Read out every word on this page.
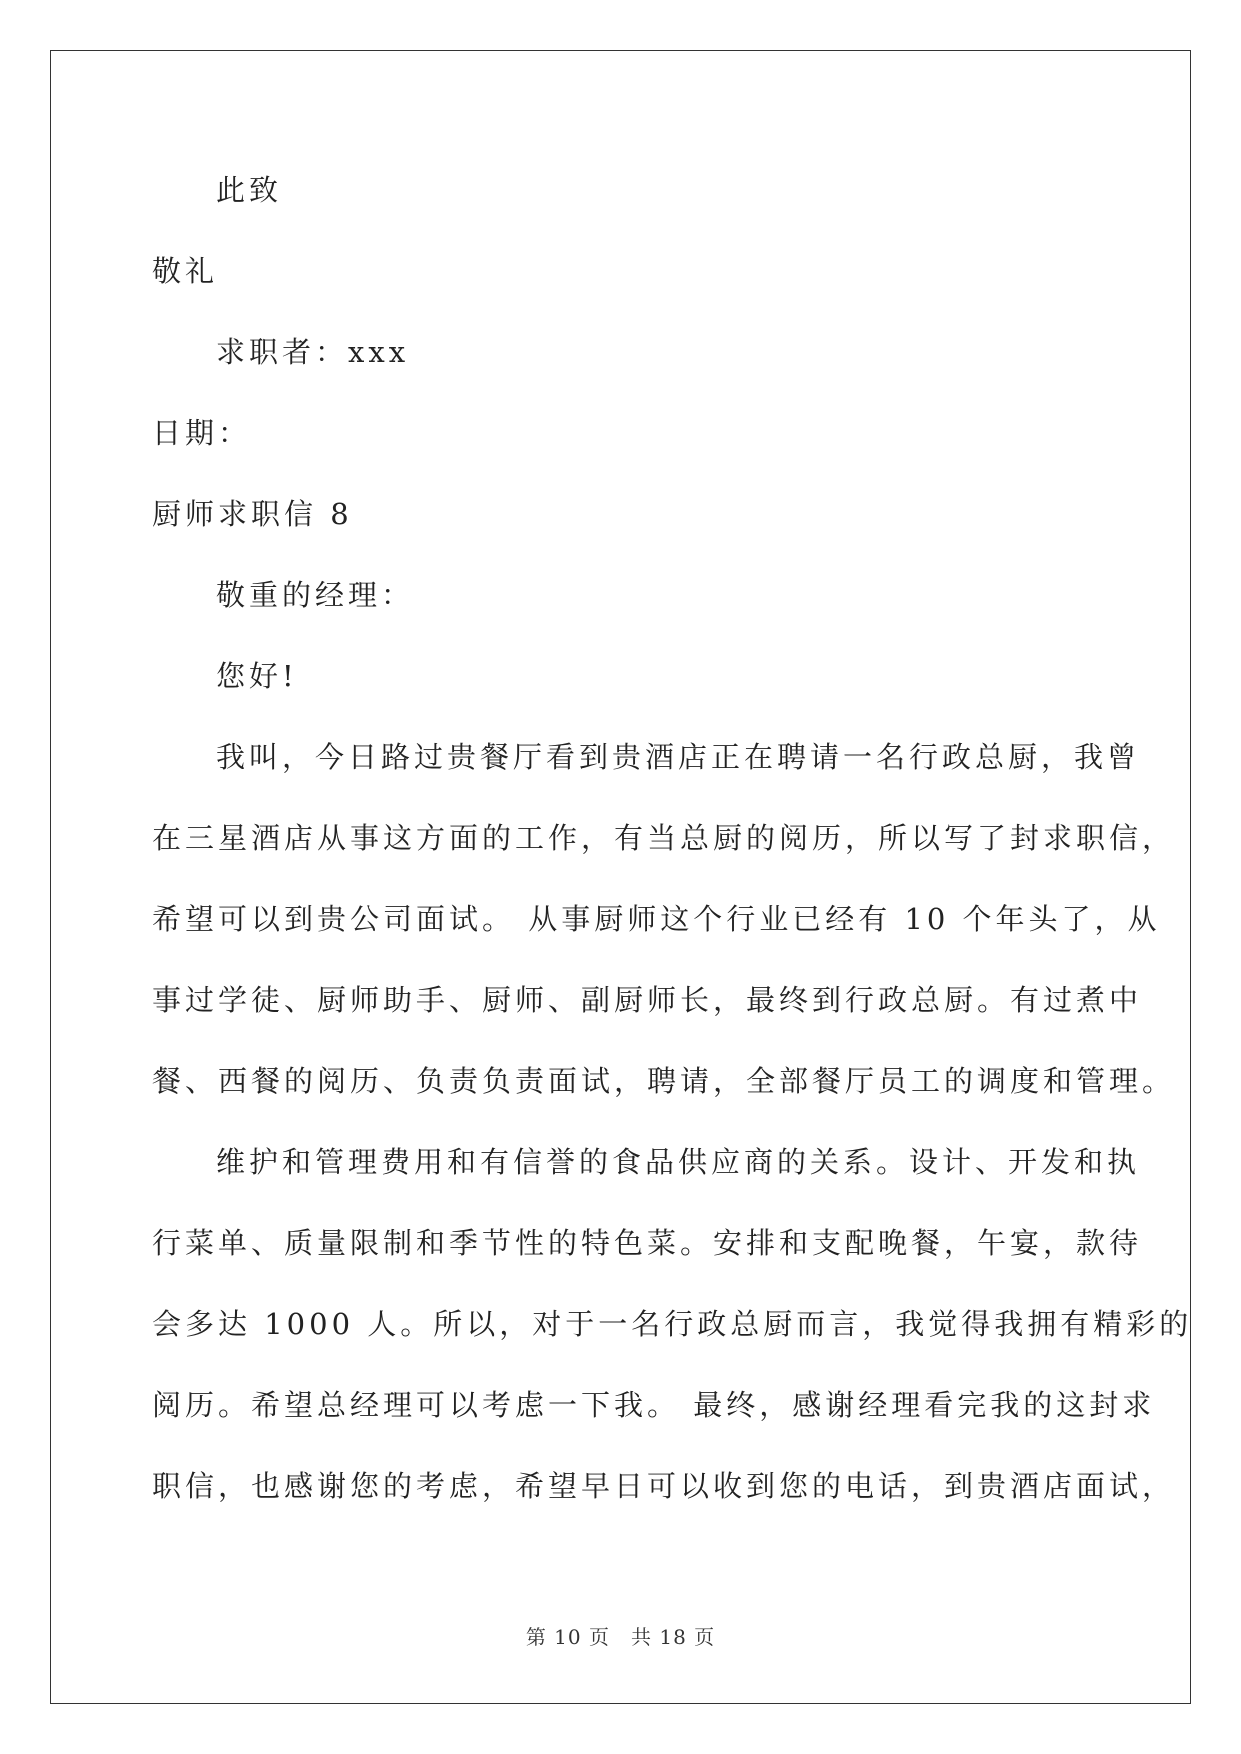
此致
敬礼
求职者：xxx
日期：
厨师求职信 8
敬重的经理：
您好!
我叫，今日路过贵餐厅看到贵酒店正在聘请一名行政总厨，我曾
在三星酒店从事这方面的工作，有当总厨的阅历，所以写了封求职信，
希望可以到贵公司面试。 从事厨师这个行业已经有 10 个年头了，从
事过学徒、厨师助手、厨师、副厨师长，最终到行政总厨。有过煮中
餐、西餐的阅历、负责负责面试，聘请，全部餐厅员工的调度和管理。
维护和管理费用和有信誉的食品供应商的关系。设计、开发和执
行菜单、质量限制和季节性的特色菜。安排和支配晚餐，午宴，款待
会多达 1000 人。所以，对于一名行政总厨而言，我觉得我拥有精彩的
阅历。希望总经理可以考虑一下我。 最终，感谢经理看完我的这封求
职信，也感谢您的考虑，希望早日可以收到您的电话，到贵酒店面试，
第 10 页　共 18 页
